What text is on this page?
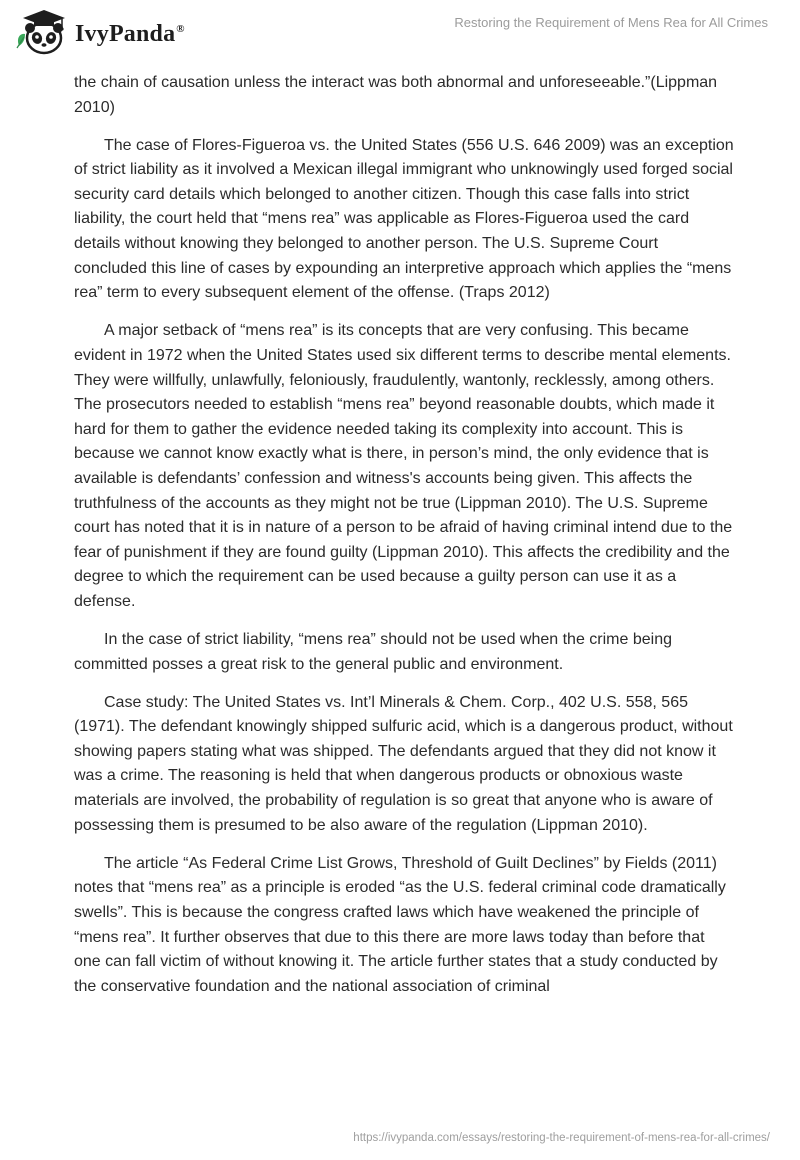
IvyPanda®	Restoring the Requirement of Mens Rea for All Crimes

the chain of causation unless the interact was both abnormal and unforeseeable.”(Lippman 2010)

The case of Flores-Figueroa vs. the United States (556 U.S. 646 2009) was an exception of strict liability as it involved a Mexican illegal immigrant who unknowingly used forged social security card details which belonged to another citizen. Though this case falls into strict liability, the court held that “mens rea” was applicable as Flores-Figueroa used the card details without knowing they belonged to another person. The U.S. Supreme Court concluded this line of cases by expounding an interpretive approach which applies the “mens rea” term to every subsequent element of the offense. (Traps 2012)

A major setback of “mens rea” is its concepts that are very confusing. This became evident in 1972 when the United States used six different terms to describe mental elements. They were willfully, unlawfully, feloniously, fraudulently, wantonly, recklessly, among others. The prosecutors needed to establish “mens rea” beyond reasonable doubts, which made it hard for them to gather the evidence needed taking its complexity into account. This is because we cannot know exactly what is there, in person’s mind, the only evidence that is available is defendants’ confession and witness's accounts being given. This affects the truthfulness of the accounts as they might not be true (Lippman 2010). The U.S. Supreme court has noted that it is in nature of a person to be afraid of having criminal intend due to the fear of punishment if they are found guilty (Lippman 2010). This affects the credibility and the degree to which the requirement can be used because a guilty person can use it as a defense.

In the case of strict liability, “mens rea” should not be used when the crime being committed posses a great risk to the general public and environment.

Case study: The United States vs. Int’l Minerals & Chem. Corp., 402 U.S. 558, 565 (1971). The defendant knowingly shipped sulfuric acid, which is a dangerous product, without showing papers stating what was shipped. The defendants argued that they did not know it was a crime. The reasoning is held that when dangerous products or obnoxious waste materials are involved, the probability of regulation is so great that anyone who is aware of possessing them is presumed to be also aware of the regulation (Lippman 2010).

The article “As Federal Crime List Grows, Threshold of Guilt Declines” by Fields (2011) notes that “mens rea” as a principle is eroded “as the U.S. federal criminal code dramatically swells”. This is because the congress crafted laws which have weakened the principle of “mens rea”. It further observes that due to this there are more laws today than before that one can fall victim of without knowing it. The article further states that a study conducted by the conservative foundation and the national association of criminal

https://ivypanda.com/essays/restoring-the-requirement-of-mens-rea-for-all-crimes/
